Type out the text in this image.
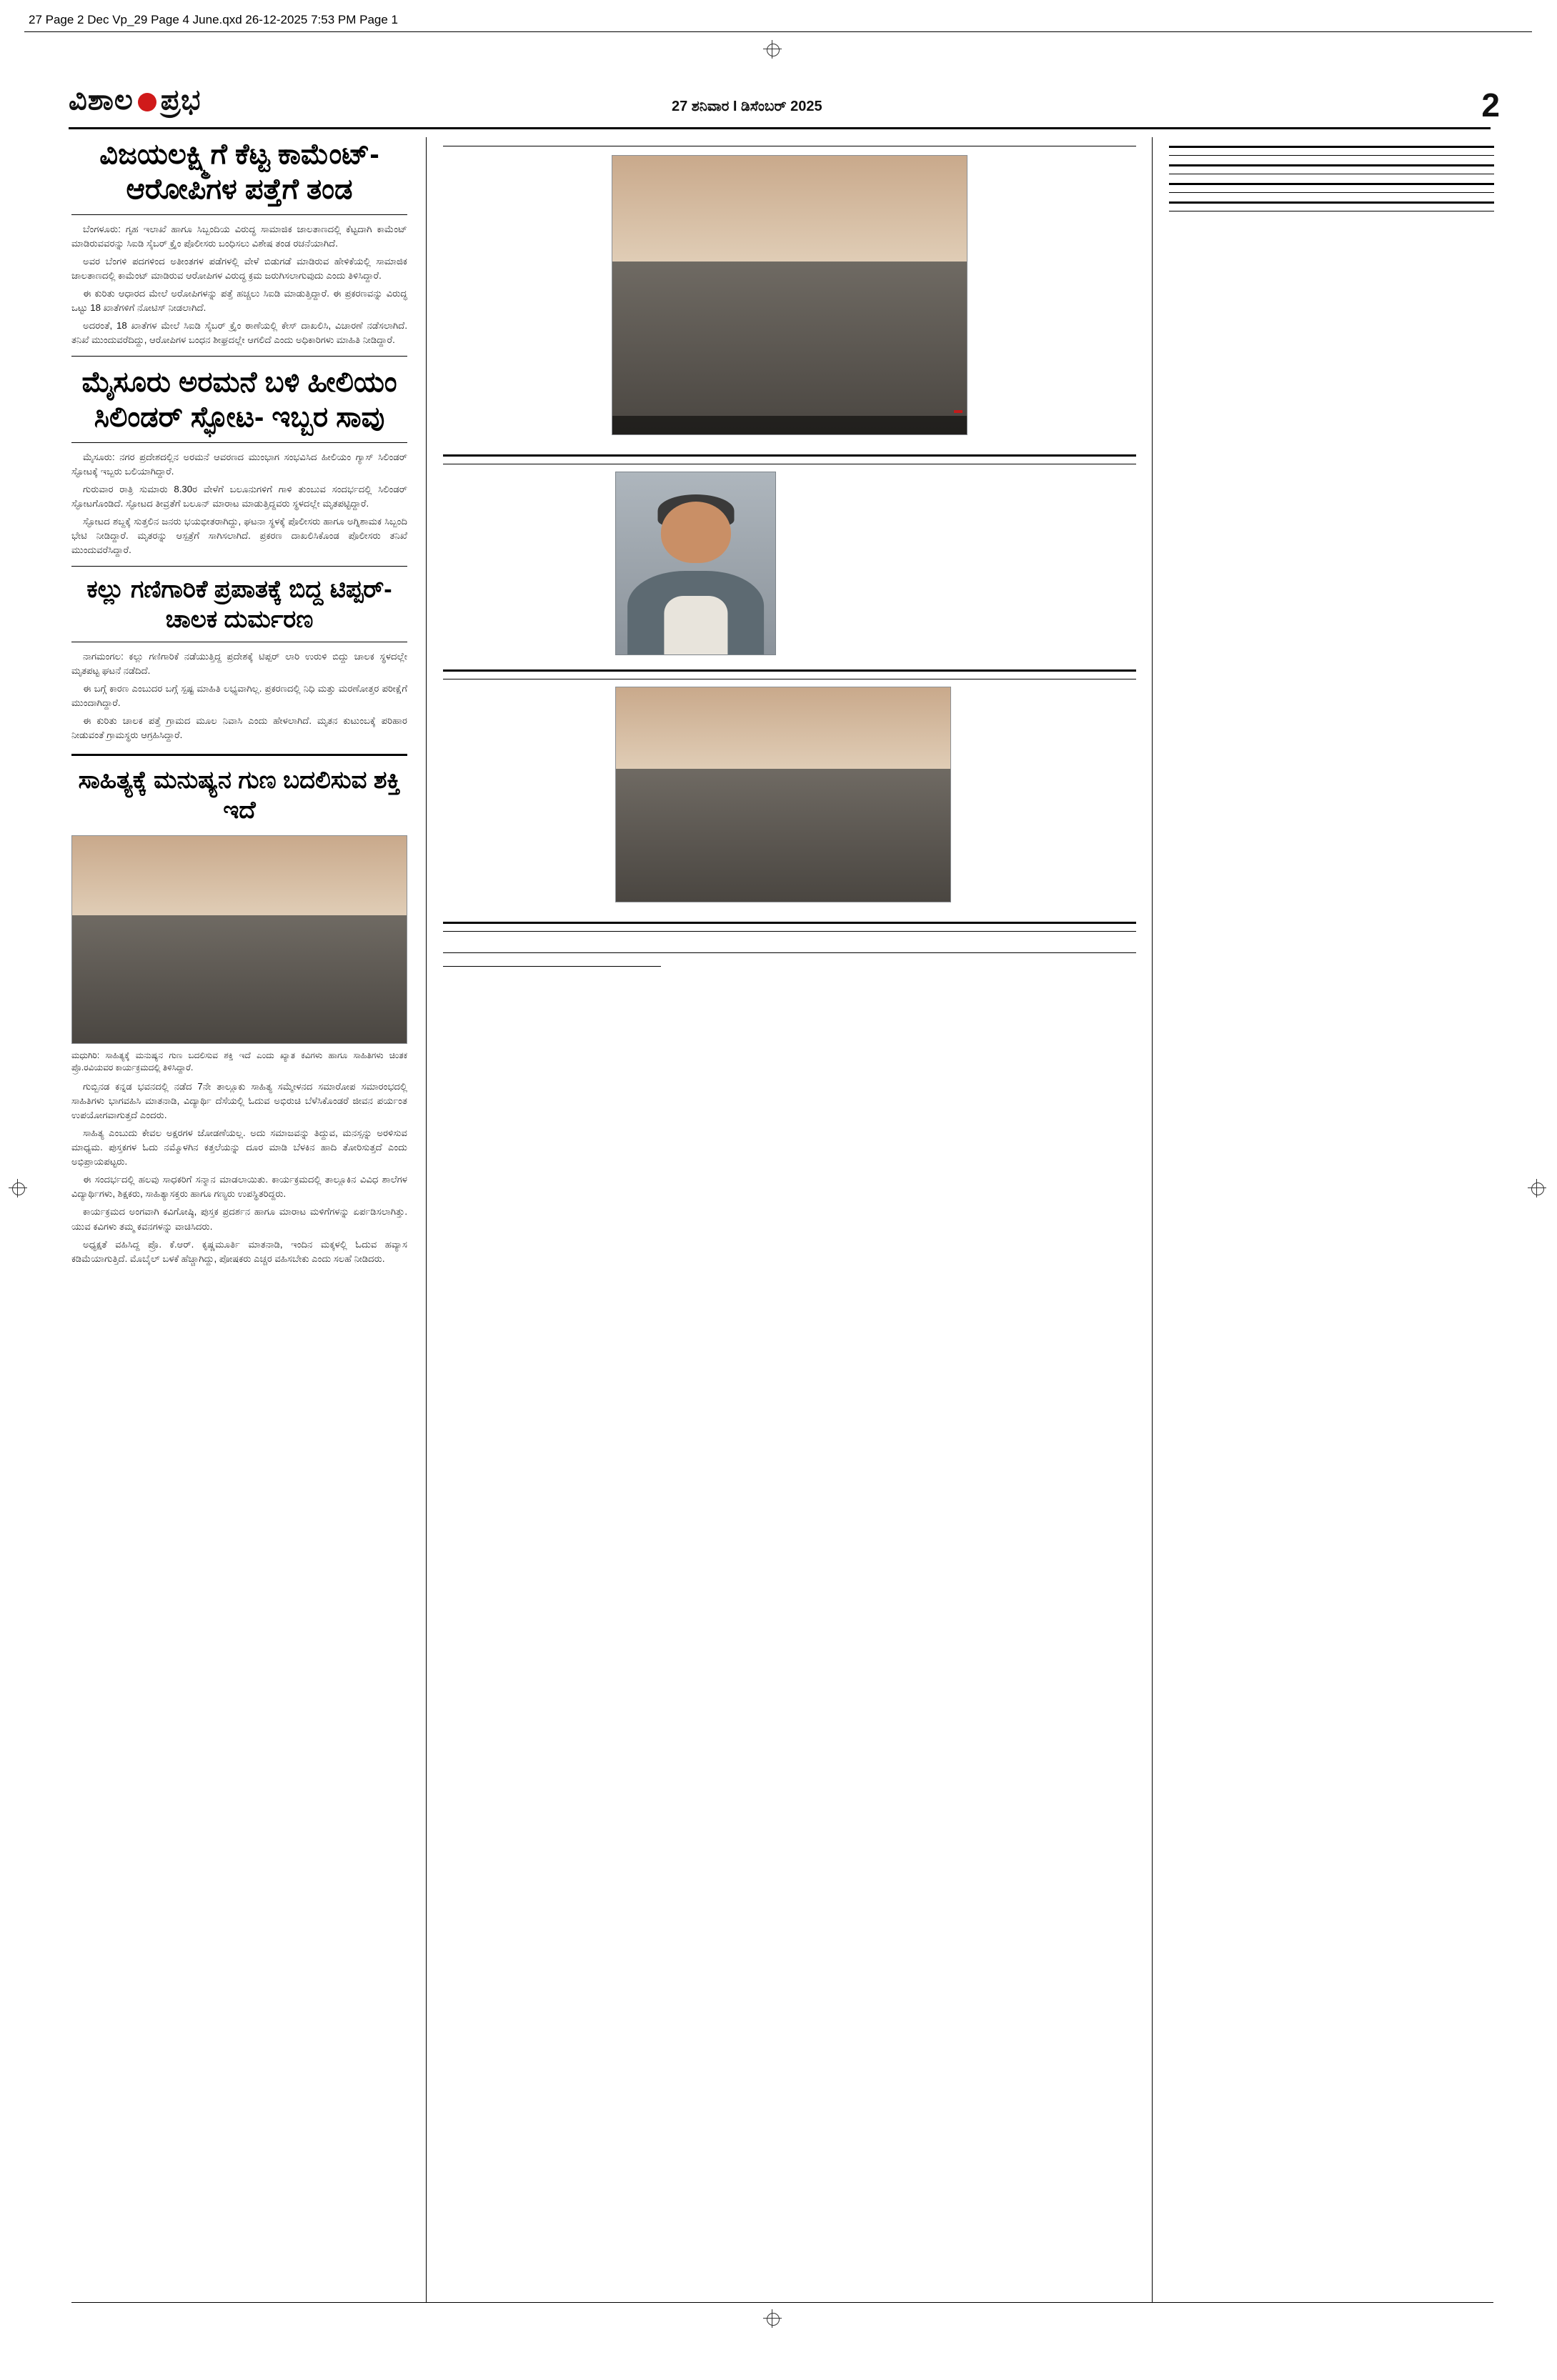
27 Page 2 Dec Vp_29 Page 4 June.qxd 26-12-2025 7:53 PM Page 1
ವಿಶಾಲ ಪ್ರಭ	27 ಶನಿವಾರ I ಡಿಸೆಂಬರ್ 2025	2
ವಿಜಯಲಕ್ಷ್ಮಿಗೆ ಕೆಟ್ಟ ಕಾಮೆಂಟ್- ಆರೋಪಿಗಳ ಪತ್ತೆಗೆ ತಂಡ

ಬೆಂಗಳೂರು: ಗೃಹ ಇಲಾಖೆ ಹಾಗೂ ಸಿಬ್ಬಂದಿಯ ವಿರುದ್ಧ ಸಾಮಾಜಿಕ ಜಾಲತಾಣದಲ್ಲಿ ಕೆಟ್ಟದಾಗಿ ಕಾಮೆಂಟ್ ಮಾಡಿರುವವರನ್ನು ಸಿಐಡಿ ಸೈಬರ್ ಕ್ರೈಂ ಪೊಲೀಸರು ಬಂಧಿಸಲು ವಿಶೇಷ ತಂಡ ರಚನೆಯಾಗಿದೆ.

ಅವರ ಬೆಂಗಳಿ ಪದಗಳಿಂದ ಅತೀಂತಗಳ ಪಡೆಗಳಲ್ಲಿ ವೇಳೆ ಬಿಡುಗಡೆ ಮಾಡಿರುವ ಹೇಳಿಕೆಯಲ್ಲಿ ಸಾಮಾಜಿಕ ಜಾಲತಾಣದಲ್ಲಿ ಕಾಮೆಂಟ್ ಮಾಡಿರುವ ಆರೋಪಿಗಳ ವಿರುದ್ಧ ಕ್ರಮ ಜರುಗಿಸಲಾಗುವುದು ಎಂದು ತಿಳಿಸಿದ್ದಾರೆ.

ಈ ಕುರಿತು ಆಧಾರದ ಮೇಲೆ ಅರೋಪಿಗಳನ್ನು ಪತ್ತೆ ಹಚ್ಚಲು ಸಿಐಡಿ ಮಾಡುತ್ತಿದ್ದಾರೆ. ಈ ಪ್ರಕರಣವನ್ನು ವಿರುದ್ಧ ಒಟ್ಟು 18 ಖಾತೆಗಳಿಗೆ ನೋಟಿಸ್ ನೀಡಲಾಗಿದೆ.

ಅದರಂತೆ, 18 ಖಾತೆಗಳ ಮೇಲೆ ಸಿಐಡಿ ಸೈಬರ್ ಕ್ರೈಂ ಠಾಣೆಯಲ್ಲಿ ಕೇಸ್ ದಾಖಲಿಸಿ, ವಿಚಾರಣೆ ನಡೆಸಲಾಗಿದೆ. ತನಿಖೆ ಮುಂದುವರೆದಿದ್ದು, ಆರೋಪಿಗಳ ಬಂಧನ ಶೀಘ್ರದಲ್ಲೇ ಆಗಲಿದೆ ಎಂದು ಅಧಿಕಾರಿಗಳು ಮಾಹಿತಿ ನೀಡಿದ್ದಾರೆ.

ಮೈಸೂರು ಅರಮನೆ ಬಳಿ ಹೀಲಿಯಂ ಸಿಲಿಂಡರ್ ಸ್ಫೋಟ- ಇಬ್ಬರ ಸಾವು

ಮೈಸೂರು: ನಗರ ಪ್ರದೇಶದಲ್ಲಿನ ಅರಮನೆ ಆವರಣದ ಮುಂಭಾಗ ಸಂಭವಿಸಿದ ಹೀಲಿಯಂ ಗ್ಯಾಸ್ ಸಿಲಿಂಡರ್ ಸ್ಫೋಟಕ್ಕೆ ಇಬ್ಬರು ಬಲಿಯಾಗಿದ್ದಾರೆ.

ಗುರುವಾರ ರಾತ್ರಿ ಸುಮಾರು 8.30ರ ವೇಳೆಗೆ ಬಲೂನುಗಳಿಗೆ ಗಾಳಿ ತುಂಬುವ ಸಂದರ್ಭದಲ್ಲಿ ಸಿಲಿಂಡರ್ ಸ್ಫೋಟಗೊಂಡಿದೆ. ಸ್ಫೋಟದ ತೀವ್ರತೆಗೆ ಬಲೂನ್ ಮಾರಾಟ ಮಾಡುತ್ತಿದ್ದವರು ಸ್ಥಳದಲ್ಲೇ ಮೃತಪಟ್ಟಿದ್ದಾರೆ.

ಸ್ಫೋಟದ ಶಬ್ದಕ್ಕೆ ಸುತ್ತಲಿನ ಜನರು ಭಯಭೀತರಾಗಿದ್ದು, ಘಟನಾ ಸ್ಥಳಕ್ಕೆ ಪೊಲೀಸರು ಹಾಗೂ ಅಗ್ನಿಶಾಮಕ ಸಿಬ್ಬಂದಿ ಭೇಟಿ ನೀಡಿದ್ದಾರೆ. ಮೃತರನ್ನು ಆಸ್ಪತ್ರೆಗೆ ಸಾಗಿಸಲಾಗಿದೆ. ಪ್ರಕರಣ ದಾಖಲಿಸಿಕೊಂಡ ಪೊಲೀಸರು ತನಿಖೆ ಮುಂದುವರೆಸಿದ್ದಾರೆ.

ಕಲ್ಲು ಗಣಿಗಾರಿಕೆ ಪ್ರಪಾತಕ್ಕೆ ಬಿದ್ದ ಟಿಪ್ಪರ್- ಚಾಲಕ ದುರ್ಮರಣ

ನಾಗಮಂಗಲ: ಕಲ್ಲು ಗಣಿಗಾರಿಕೆ ನಡೆಯುತ್ತಿದ್ದ ಪ್ರದೇಶಕ್ಕೆ ಟಿಪ್ಪರ್ ಲಾರಿ ಉರುಳಿ ಬಿದ್ದು ಚಾಲಕ ಸ್ಥಳದಲ್ಲೇ ಮೃತಪಟ್ಟ ಘಟನೆ ನಡೆದಿದೆ.

ಈ ಬಗ್ಗೆ ಕಾರಣ ಎಂಬುದರ ಬಗ್ಗೆ ಸ್ಪಷ್ಟ ಮಾಹಿತಿ ಲಭ್ಯವಾಗಿಲ್ಲ. ಪ್ರಕರಣದಲ್ಲಿ ನಿಧಿ ಮತ್ತು ಮರಣೋತ್ತರ ಪರೀಕ್ಷೆಗೆ ಮುಂದಾಗಿದ್ದಾರೆ.

ಈ ಕುರಿತು ಚಾಲಕ ಪತ್ತೆ ಗ್ರಾಮದ ಮೂಲ ನಿವಾಸಿ ಎಂದು ಹೇಳಲಾಗಿದೆ. ಮೃತನ ಕುಟುಂಬಕ್ಕೆ ಪರಿಹಾರ ನೀಡುವಂತೆ ಗ್ರಾಮಸ್ಥರು ಆಗ್ರಹಿಸಿದ್ದಾರೆ.

ಸಾಹಿತ್ಯಕ್ಕೆ ಮನುಷ್ಯನ ಗುಣ ಬದಲಿಸುವ ಶಕ್ತಿ ಇದೆ
ಮಧುಗಿರಿ: ಸಾಹಿತ್ಯಕ್ಕೆ ಮನುಷ್ಯನ ಗುಣ ಬದಲಿಸುವ ಶಕ್ತಿ ಇದೆ ಎಂದು ಖ್ಯಾತ ಕವಿಗಳು ಹಾಗೂ ಸಾಹಿತಿಗಳು ಚಿಂತಕ ಪ್ರೊ.ರವಿಯವರ ಕಾರ್ಯಕ್ರಮದಲ್ಲಿ ತಿಳಿಸಿದ್ದಾರೆ.

ಗುಬ್ಬಿನಡ ಕನ್ನಡ ಭವನದಲ್ಲಿ ನಡೆದ 7ನೇ ತಾಲ್ಲೂಕು ಸಾಹಿತ್ಯ ಸಮ್ಮೇಳನದ ಸಮಾರೋಪ ಸಮಾರಂಭದಲ್ಲಿ ಸಾಹಿತಿಗಳು ಭಾಗವಹಿಸಿ ಮಾತನಾಡಿ, ವಿದ್ಯಾರ್ಥಿ ದೆಸೆಯಲ್ಲಿ ಓದುವ ಅಭಿರುಚಿ ಬೆಳೆಸಿಕೊಂಡರೆ ಜೀವನ ಪರ್ಯಂತ ಉಪಯೋಗವಾಗುತ್ತದೆ ಎಂದರು.

ಸಾಹಿತ್ಯ ಎಂಬುದು ಕೇವಲ ಅಕ್ಷರಗಳ ಜೋಡಣೆಯಲ್ಲ. ಅದು ಸಮಾಜವನ್ನು ತಿದ್ದುವ, ಮನಸ್ಸನ್ನು ಅರಳಿಸುವ ಮಾಧ್ಯಮ. ಪುಸ್ತಕಗಳ ಓದು ನಮ್ಮೊಳಗಿನ ಕತ್ತಲೆಯನ್ನು ದೂರ ಮಾಡಿ ಬೆಳಕಿನ ಹಾದಿ ತೋರಿಸುತ್ತದೆ ಎಂದು ಅಭಿಪ್ರಾಯಪಟ್ಟರು.

ಈ ಸಂದರ್ಭದಲ್ಲಿ ಹಲವು ಸಾಧಕರಿಗೆ ಸನ್ಮಾನ ಮಾಡಲಾಯಿತು. ಕಾರ್ಯಕ್ರಮದಲ್ಲಿ ತಾಲ್ಲೂಕಿನ ವಿವಿಧ ಶಾಲೆಗಳ ವಿದ್ಯಾರ್ಥಿಗಳು, ಶಿಕ್ಷಕರು, ಸಾಹಿತ್ಯಾಸಕ್ತರು ಹಾಗೂ ಗಣ್ಯರು ಉಪಸ್ಥಿತರಿದ್ದರು.

ಕಾರ್ಯಕ್ರಮದ ಅಂಗವಾಗಿ ಕವಿಗೋಷ್ಠಿ, ಪುಸ್ತಕ ಪ್ರದರ್ಶನ ಹಾಗೂ ಮಾರಾಟ ಮಳಿಗೆಗಳನ್ನು ಏರ್ಪಡಿಸಲಾಗಿತ್ತು. ಯುವ ಕವಿಗಳು ತಮ್ಮ ಕವನಗಳನ್ನು ವಾಚಿಸಿದರು.

ಅಧ್ಯಕ್ಷತೆ ವಹಿಸಿದ್ದ ಪ್ರೊ. ಕೆ.ಆರ್. ಕೃಷ್ಣಮೂರ್ತಿ ಮಾತನಾಡಿ, ಇಂದಿನ ಮಕ್ಕಳಲ್ಲಿ ಓದುವ ಹವ್ಯಾಸ ಕಡಿಮೆಯಾಗುತ್ತಿದೆ. ಮೊಬೈಲ್ ಬಳಕೆ ಹೆಚ್ಚಾಗಿದ್ದು, ಪೋಷಕರು ಎಚ್ಚರ ವಹಿಸಬೇಕು ಎಂದು ಸಲಹೆ ನೀಡಿದರು.
